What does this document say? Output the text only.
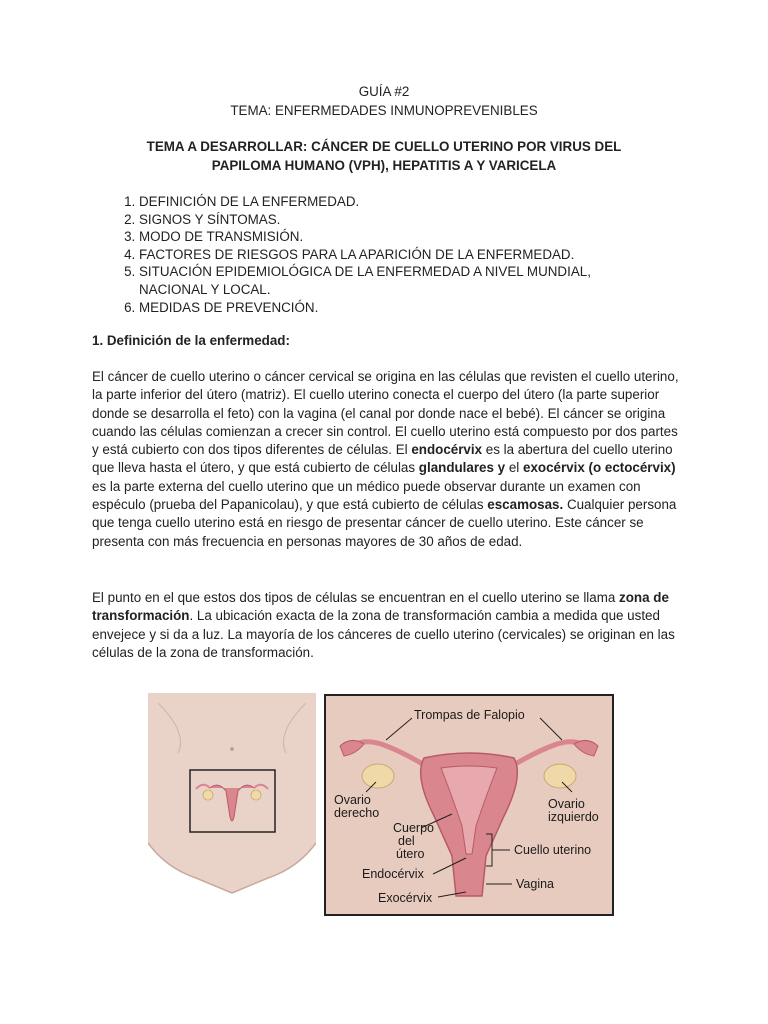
GUÍA #2
TEMA: ENFERMEDADES INMUNOPREVENIBLES
TEMA A DESARROLLAR: CÁNCER DE CUELLO UTERINO POR VIRUS DEL
PAPILOMA HUMANO (VPH), HEPATITIS A Y VARICELA
1. DEFINICIÓN DE LA ENFERMEDAD.
2. SIGNOS Y SÍNTOMAS.
3. MODO DE TRANSMISIÓN.
4. FACTORES DE RIESGOS PARA LA APARICIÓN DE LA ENFERMEDAD.
5. SITUACIÓN EPIDEMIOLÓGICA DE LA ENFERMEDAD A NIVEL MUNDIAL, NACIONAL Y LOCAL.
6. MEDIDAS DE PREVENCIÓN.
1. Definición de la enfermedad:

El cáncer de cuello uterino o cáncer cervical se origina en las células que revisten el cuello uterino, la parte inferior del útero (matriz). El cuello uterino conecta el cuerpo del útero (la parte superior donde se desarrolla el feto) con la vagina (el canal por donde nace el bebé). El cáncer se origina cuando las células comienzan a crecer sin control. El cuello uterino está compuesto por dos partes y está cubierto con dos tipos diferentes de células. El endocérvix es la abertura del cuello uterino que lleva hasta el útero, y que está cubierto de células glandulares y el exocérvix (o ectocérvix) es la parte externa del cuello uterino que un médico puede observar durante un examen con espéculo (prueba del Papanicolau), y que está cubierto de células escamosas. Cualquier persona que tenga cuello uterino está en riesgo de presentar cáncer de cuello uterino. Este cáncer se presenta con más frecuencia en personas mayores de 30 años de edad.

El punto en el que estos dos tipos de células se encuentran en el cuello uterino se llama zona de transformación. La ubicación exacta de la zona de transformación cambia a medida que usted envejece y si da a luz. La mayoría de los cánceres de cuello uterino (cervicales) se originan en las células de la zona de transformación.

Trompas de Falopio
Ovario
derecho
Ovario
izquierdo
Cuerpo
del
útero	Cuello uterino
Endocérvix
Vagina
Exocérvix
